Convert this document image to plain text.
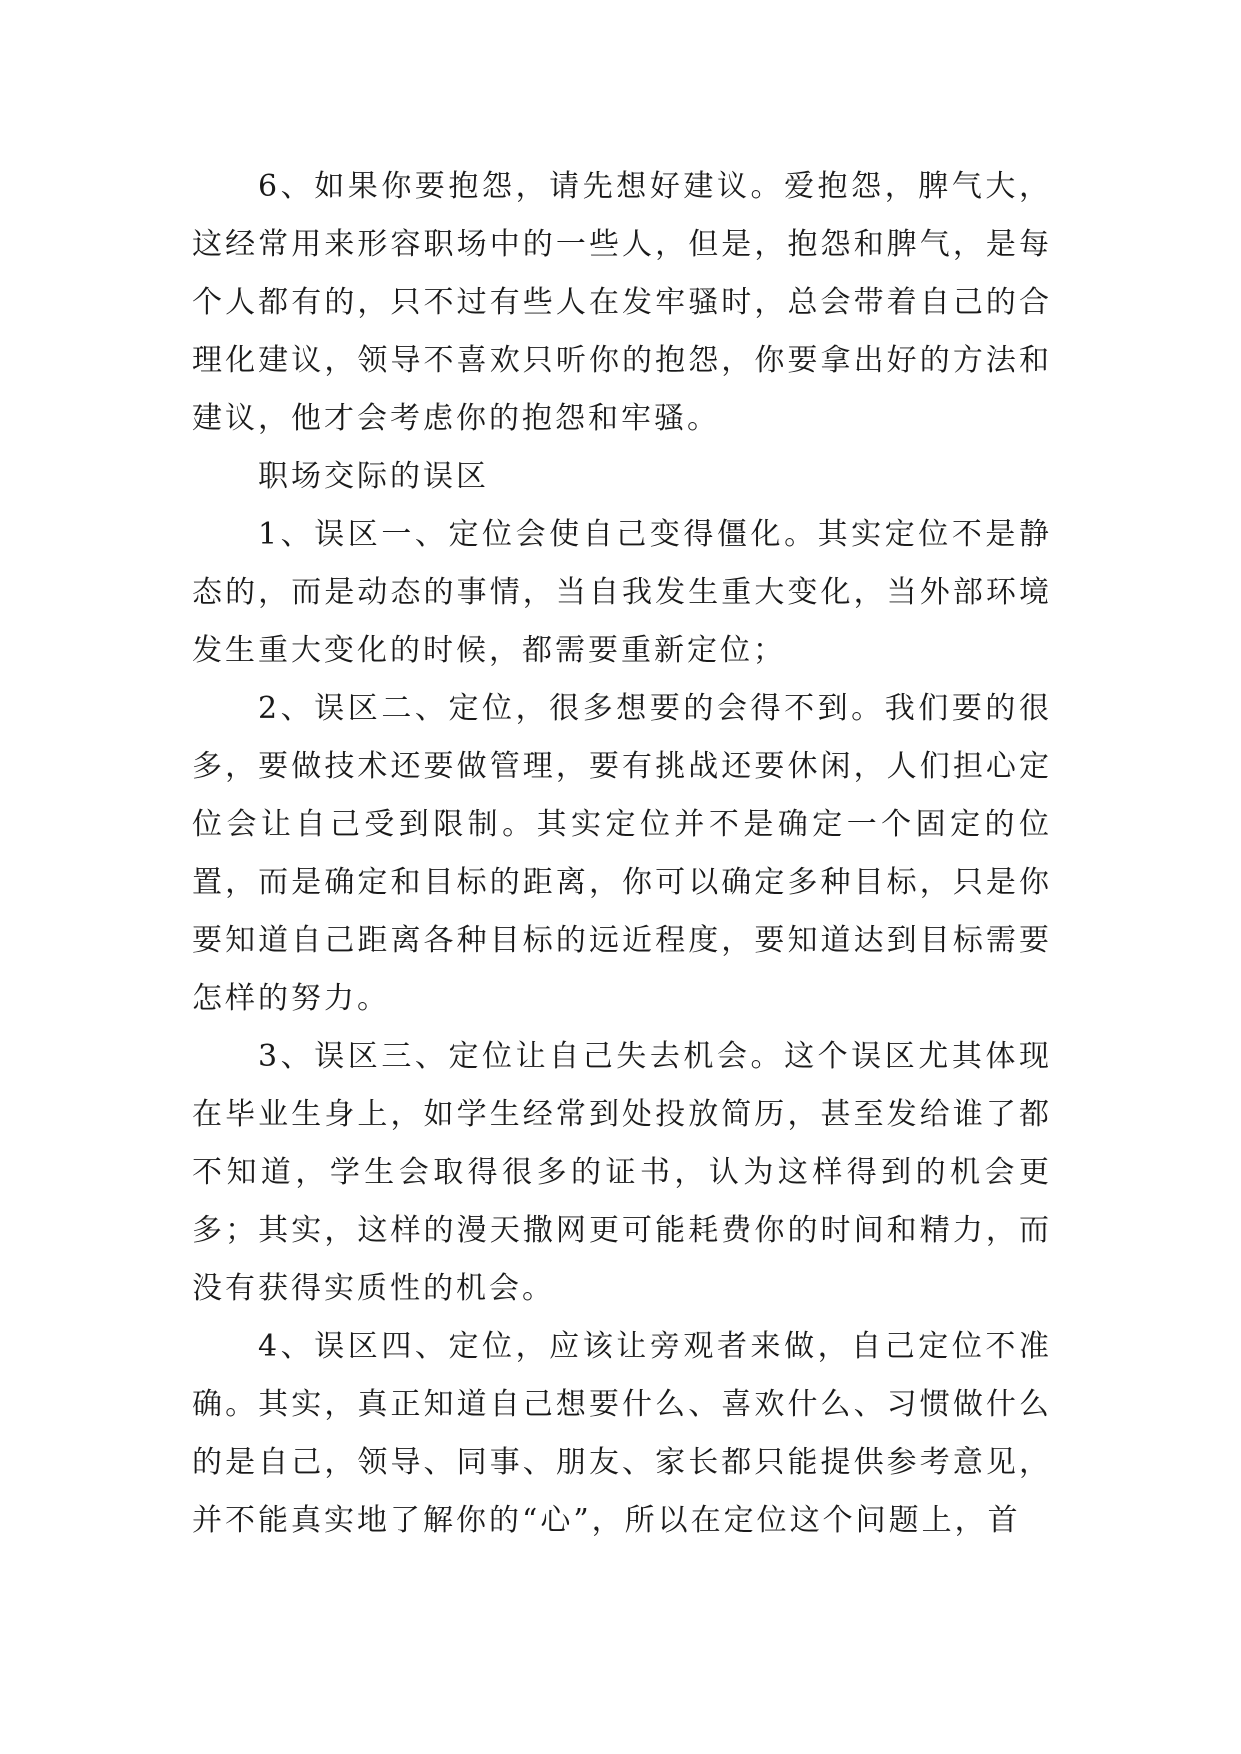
6、如果你要抱怨，请先想好建议。爱抱怨，脾气大，这经常用来形容职场中的一些人，但是，抱怨和脾气，是每个人都有的，只不过有些人在发牢骚时，总会带着自己的合理化建议，领导不喜欢只听你的抱怨，你要拿出好的方法和建议，他才会考虑你的抱怨和牢骚。

职场交际的误区

1、误区一、定位会使自己变得僵化。其实定位不是静态的，而是动态的事情，当自我发生重大变化，当外部环境发生重大变化的时候，都需要重新定位；

2、误区二、定位，很多想要的会得不到。我们要的很多，要做技术还要做管理，要有挑战还要休闲，人们担心定位会让自己受到限制。其实定位并不是确定一个固定的位置，而是确定和目标的距离，你可以确定多种目标，只是你要知道自己距离各种目标的远近程度，要知道达到目标需要怎样的努力。

3、误区三、定位让自己失去机会。这个误区尤其体现在毕业生身上，如学生经常到处投放简历，甚至发给谁了都不知道，学生会取得很多的证书，认为这样得到的机会更多；其实，这样的漫天撒网更可能耗费你的时间和精力，而没有获得实质性的机会。

4、误区四、定位，应该让旁观者来做，自己定位不准确。其实，真正知道自己想要什么、喜欢什么、习惯做什么的是自己，领导、同事、朋友、家长都只能提供参考意见，并不能真实地了解你的“心”，所以在定位这个问题上，首
